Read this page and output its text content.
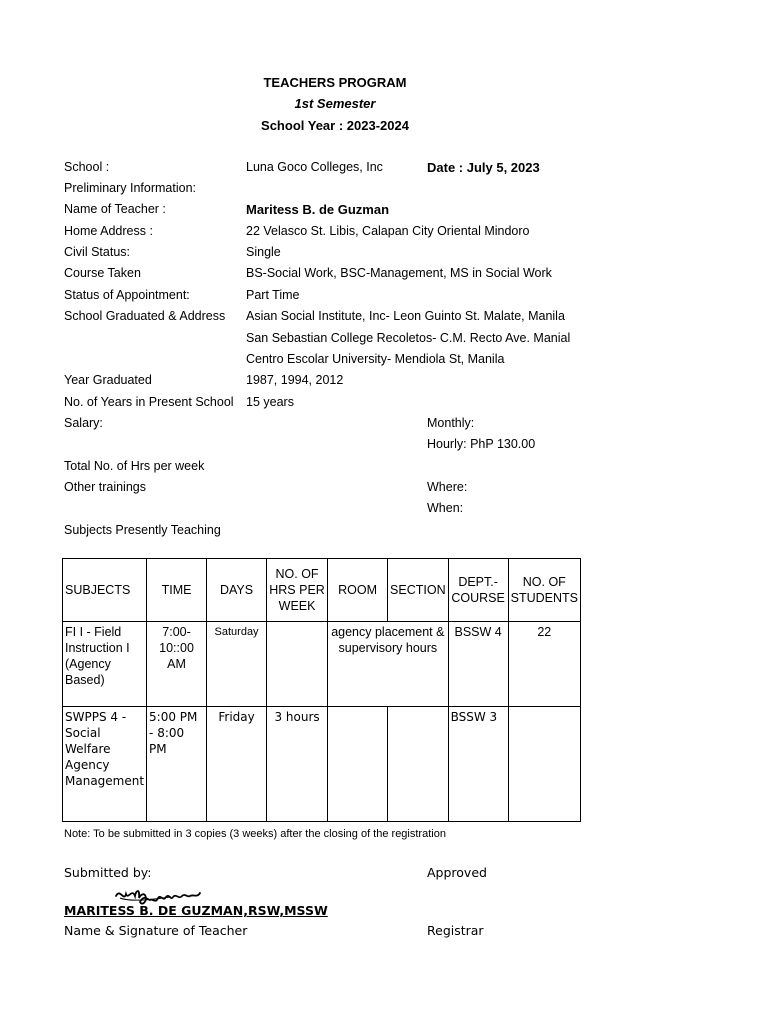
TEACHERS PROGRAM
1st Semester
School Year : 2023-2024
School :	Luna Goco Colleges, Inc	Date : July 5, 2023
Preliminary Information:
Name of Teacher :	Maritess B. de Guzman
Home Address :	22 Velasco St. Libis, Calapan City Oriental Mindoro
Civil Status:	Single
Course Taken	BS-Social Work, BSC-Management, MS in Social Work
Status of Appointment:	Part Time
School Graduated & Address Asian Social Institute, Inc- Leon Guinto St. Malate, Manila
San Sebastian College Recoletos- C.M. Recto Ave. Manial
Centro Escolar University- Mendiola St, Manila
Year Graduated	1987, 1994, 2012
No. of Years in Present School 15 years
Salary:	Monthly:
Hourly: PhP 130.00
Total No. of Hrs per week
Other trainings	Where:
When:
Subjects Presently Teaching
SUBJECTS	TIME	DAYS	NO. OF HRS PER WEEK	ROOM	SECTION	DEPT.- COURSE	NO. OF STUDENTS
FI I - Field Instruction I (Agency Based)	7:00-10::00 AM	Saturday		agency placement & supervisory hours		BSSW 4	22
SWPPS 4 - Social Welfare Agency Management	5:00 PM - 8:00 PM	Friday	3 hours			BSSW 3	
Note: To be submitted in 3 copies (3 weeks) after the closing of the registration
Submitted by:	Approved
MARITESS B. DE GUZMAN,RSW,MSSW
Name & Signature of Teacher	Registrar
